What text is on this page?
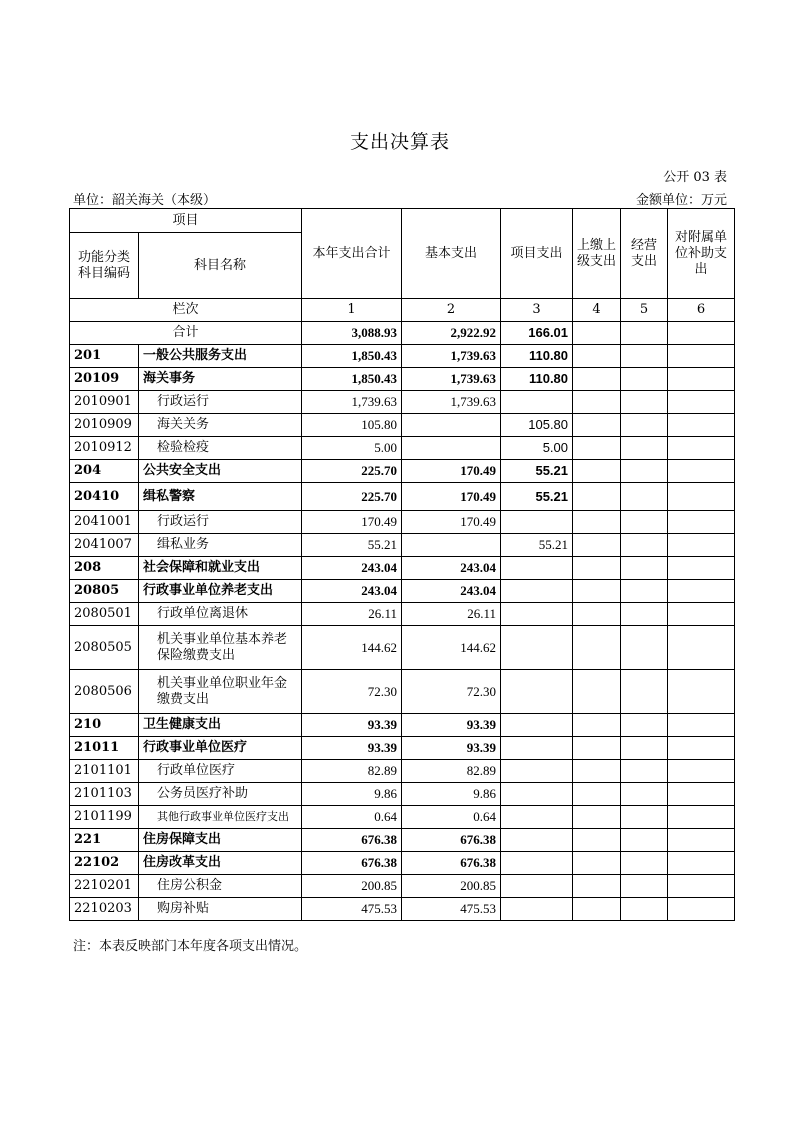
支出决算表
公开 03 表
单位：韶关海关（本级）	金额单位：万元
项目		本年支出合计	基本支出	项目支出	上缴上级支出	经营支出	对附属单位补助支出
功能分类科目编码	科目名称						
栏次		1	2	3	4	5	6
合计		3,088.93	2,922.92	166.01			
201	一般公共服务支出	1,850.43	1,739.63	110.80			
20109	海关事务	1,850.43	1,739.63	110.80			
2010901	行政运行	1,739.63	1,739.63				
2010909	海关关务	105.80		105.80			
2010912	检验检疫	5.00		5.00			
204	公共安全支出	225.70	170.49	55.21			
20410	缉私警察	225.70	170.49	55.21			
2041001	行政运行	170.49	170.49				
2041007	缉私业务	55.21		55.21			
208	社会保障和就业支出	243.04	243.04				
20805	行政事业单位养老支出	243.04	243.04				
2080501	行政单位离退休	26.11	26.11				
2080505	机关事业单位基本养老保险缴费支出	144.62	144.62				
2080506	机关事业单位职业年金缴费支出	72.30	72.30				
210	卫生健康支出	93.39	93.39				
21011	行政事业单位医疗	93.39	93.39				
2101101	行政单位医疗	82.89	82.89				
2101103	公务员医疗补助	9.86	9.86				
2101199	其他行政事业单位医疗支出	0.64	0.64				
221	住房保障支出	676.38	676.38				
22102	住房改革支出	676.38	676.38				
2210201	住房公积金	200.85	200.85				
2210203	购房补贴	475.53	475.53				
注：本表反映部门本年度各项支出情况。
